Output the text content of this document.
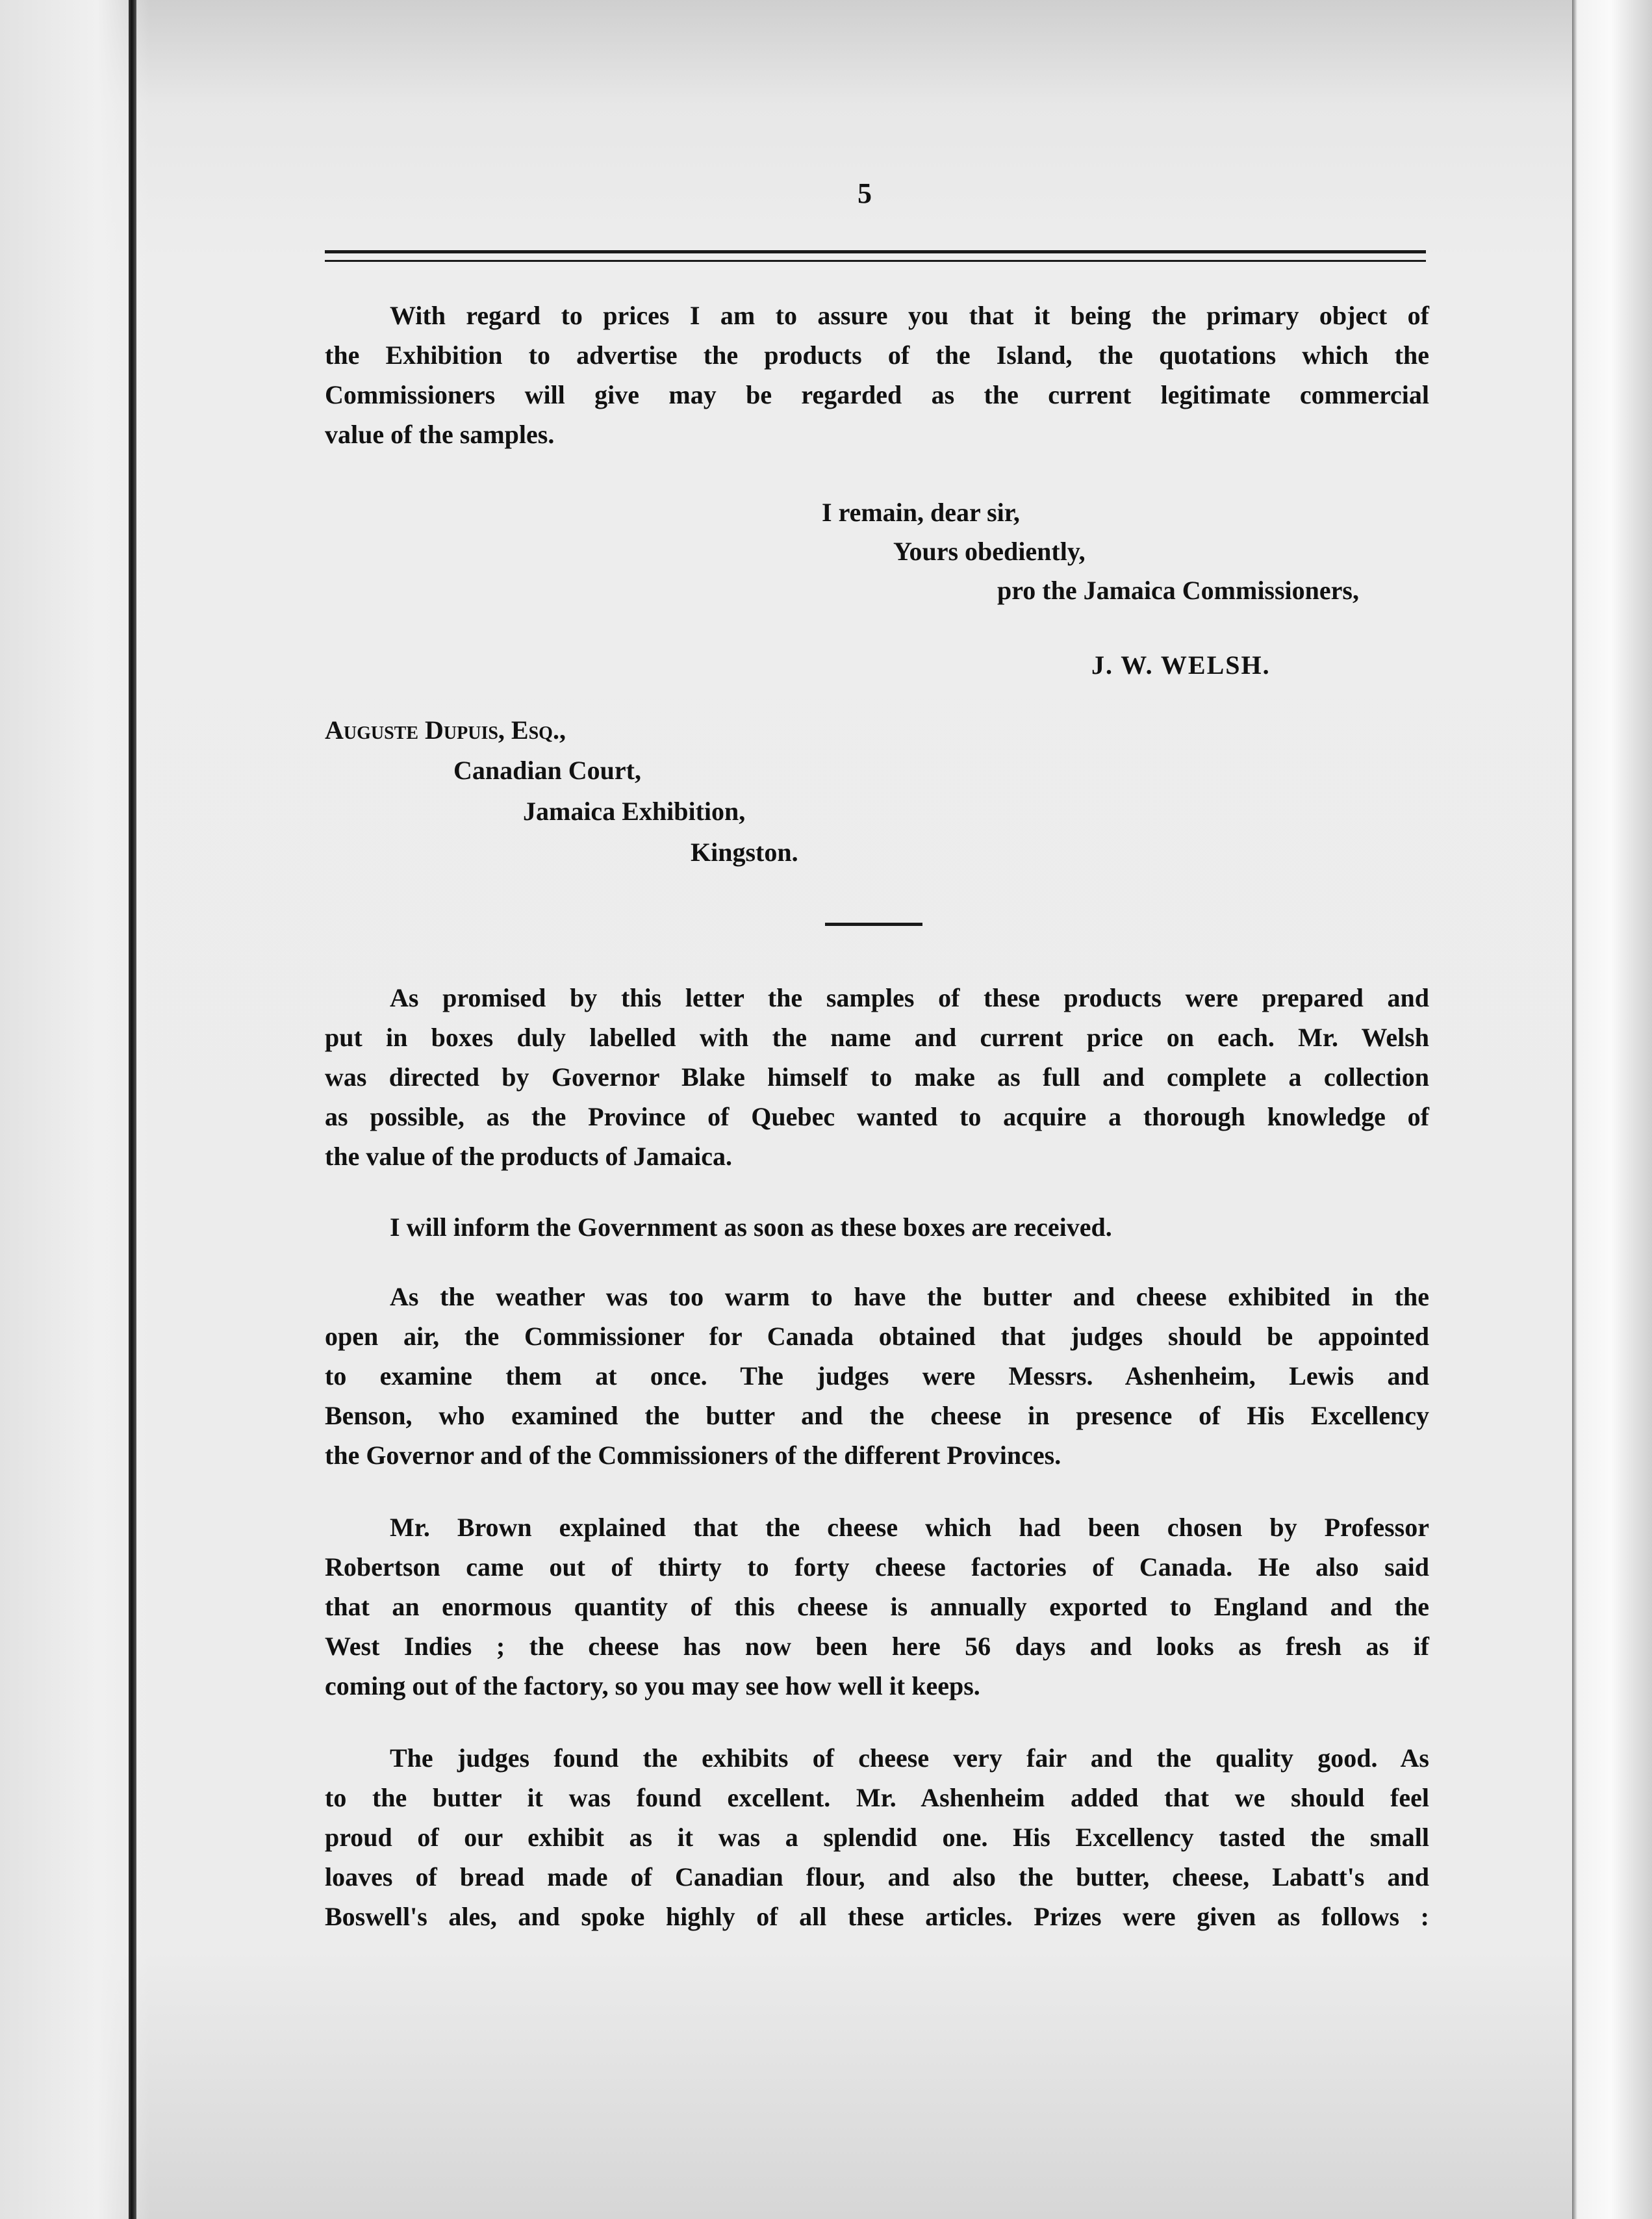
5
With regard to prices I am to assure you that it being the primary object of
the Exhibition to advertise the products of the Island, the quotations which the
Commissioners will give may be regarded as the current legitimate commercial
value of the samples.
I remain, dear sir,
Yours obediently,
pro the Jamaica Commissioners,
J. W. WELSH.
Auguste Dupuis, Esq.,
Canadian Court,
Jamaica Exhibition,
Kingston.
As promised by this letter the samples of these products were prepared and
put in boxes duly labelled with the name and current price on each. Mr. Welsh
was directed by Governor Blake himself to make as full and complete a collection
as possible, as the Province of Quebec wanted to acquire a thorough knowledge of
the value of the products of Jamaica.
I will inform the Government as soon as these boxes are received.
As the weather was too warm to have the butter and cheese exhibited in the
open air, the Commissioner for Canada obtained that judges should be appointed
to examine them at once. The judges were Messrs. Ashenheim, Lewis and
Benson, who examined the butter and the cheese in presence of His Excellency
the Governor and of the Commissioners of the different Provinces.
Mr. Brown explained that the cheese which had been chosen by Professor
Robertson came out of thirty to forty cheese factories of Canada. He also said
that an enormous quantity of this cheese is annually exported to England and the
West Indies ; the cheese has now been here 56 days and looks as fresh as if
coming out of the factory, so you may see how well it keeps.
The judges found the exhibits of cheese very fair and the quality good. As
to the butter it was found excellent. Mr. Ashenheim added that we should feel
proud of our exhibit as it was a splendid one. His Excellency tasted the small
loaves of bread made of Canadian flour, and also the butter, cheese, Labatt's and
Boswell's ales, and spoke highly of all these articles. Prizes were given as follows :
